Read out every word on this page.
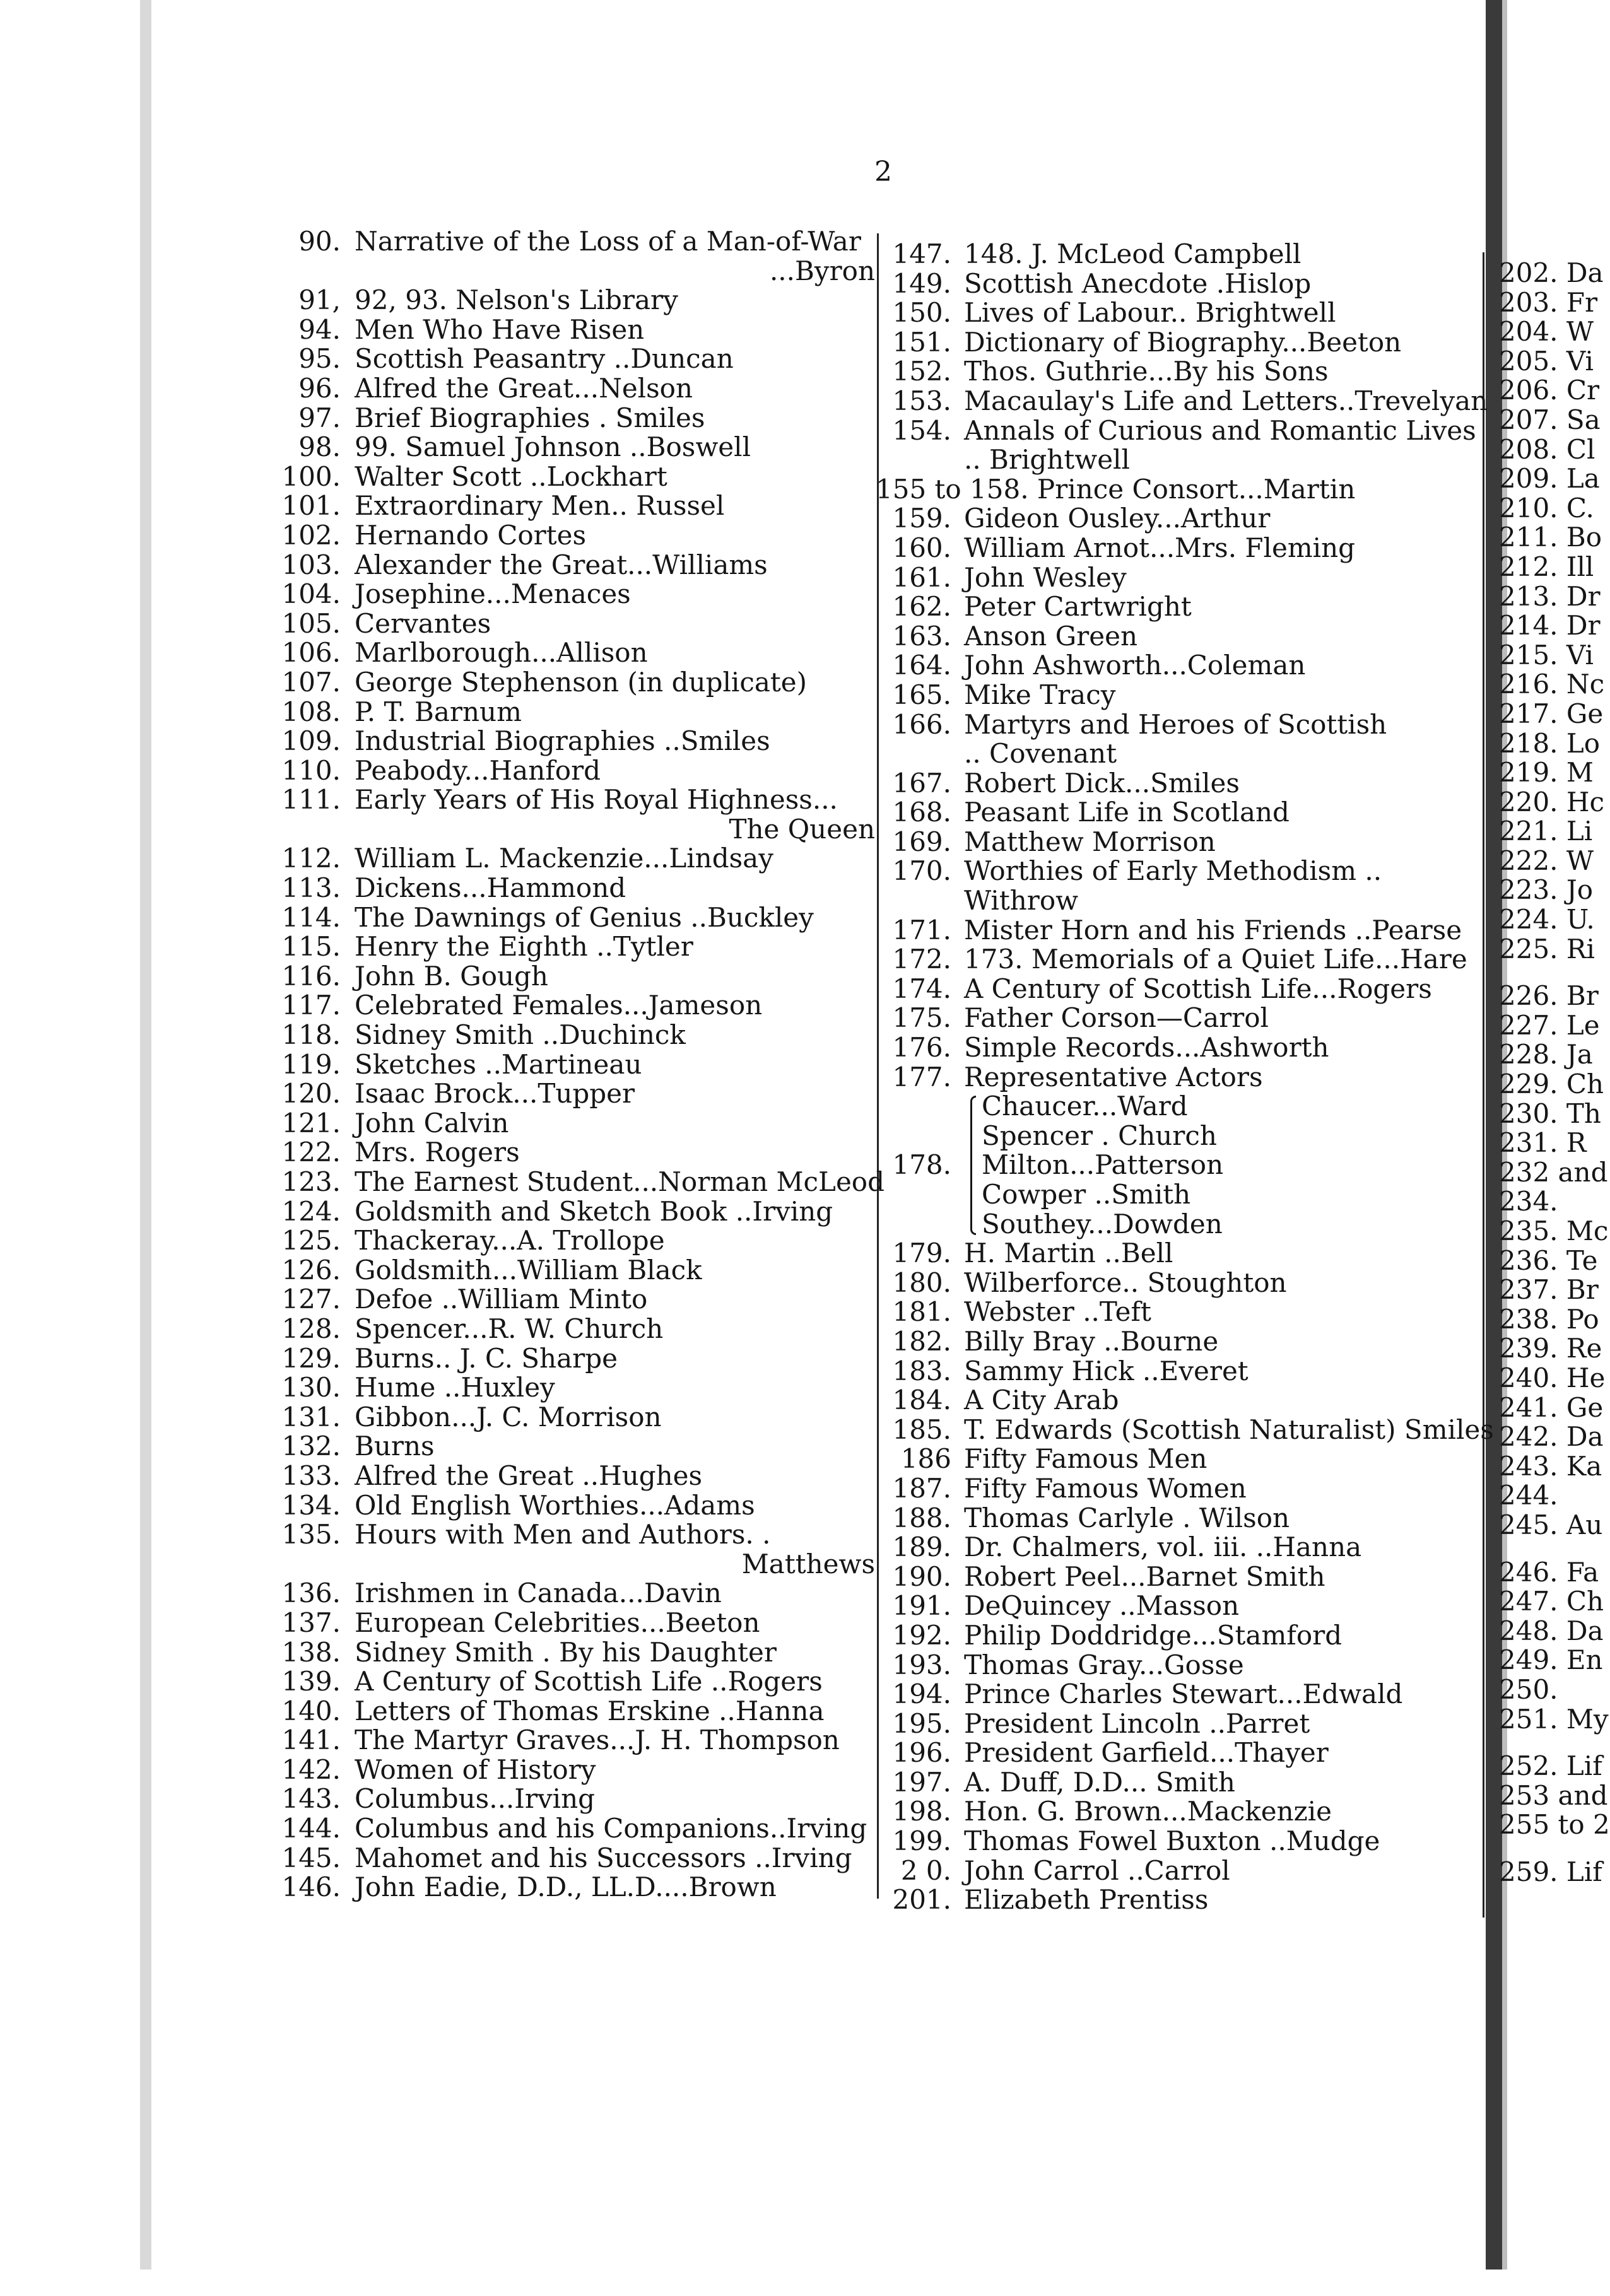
2
90. Narrative of the Loss of a Man-of-War
...Byron
91, 92, 93. Nelson's Library
94. Men Who Have Risen
95. Scottish Peasantry ..Duncan
96. Alfred the Great...Nelson
97. Brief Biographies . Smiles
98. 99. Samuel Johnson ..Boswell
100. Walter Scott ..Lockhart
101. Extraordinary Men.. Russel
102. Hernando Cortes
103. Alexander the Great...Williams
104. Josephine...Menaces
105. Cervantes
106. Marlborough...Allison
107. George Stephenson (in duplicate)
108. P. T. Barnum
109. Industrial Biographies ..Smiles
110. Peabody...Hanford
111. Early Years of His Royal Highness...
The Queen
112. William L. Mackenzie...Lindsay
113. Dickens...Hammond
114. The Dawnings of Genius ..Buckley
115. Henry the Eighth ..Tytler
116. John B. Gough
117. Celebrated Females...Jameson
118. Sidney Smith ..Duchinck
119. Sketches ..Martineau
120. Isaac Brock...Tupper
121. John Calvin
122. Mrs. Rogers
123. The Earnest Student...Norman McLeod
124. Goldsmith and Sketch Book ..Irving
125. Thackeray...A. Trollope
126. Goldsmith...William Black
127. Defoe ..William Minto
128. Spencer...R. W. Church
129. Burns.. J. C. Sharpe
130. Hume ..Huxley
131. Gibbon...J. C. Morrison
132. Burns
133. Alfred the Great ..Hughes
134. Old English Worthies...Adams
135. Hours with Men and Authors. .
Matthews
136. Irishmen in Canada...Davin
137. European Celebrities...Beeton
138. Sidney Smith . By his Daughter
139. A Century of Scottish Life ..Rogers
140. Letters of Thomas Erskine ..Hanna
141. The Martyr Graves...J. H. Thompson
142. Women of History
143. Columbus...Irving
144. Columbus and his Companions..Irving
145. Mahomet and his Successors ..Irving
146. John Eadie, D.D., LL.D....Brown
147. 148. J. McLeod Campbell
149. Scottish Anecdote .Hislop
150. Lives of Labour.. Brightwell
151. Dictionary of Biography...Beeton
152. Thos. Guthrie...By his Sons
153. Macaulay's Life and Letters..Trevelyan
154. Annals of Curious and Romantic Lives
.. Brightwell
155 to 158. Prince Consort...Martin
159. Gideon Ousley...Arthur
160. William Arnot...Mrs. Fleming
161. John Wesley
162. Peter Cartwright
163. Anson Green
164. John Ashworth...Coleman
165. Mike Tracy
166. Martyrs and Heroes of Scottish
.. Covenant
167. Robert Dick...Smiles
168. Peasant Life in Scotland
169. Matthew Morrison
170. Worthies of Early Methodism ..
Withrow
171. Mister Horn and his Friends ..Pearse
172. 173. Memorials of a Quiet Life...Hare
174. A Century of Scottish Life...Rogers
175. Father Corson—Carrol
176. Simple Records...Ashworth
177. Representative Actors
178.
Chaucer...Ward
Spencer . Church
Milton...Patterson
Cowper ..Smith
Southey...Dowden
179. H. Martin ..Bell
180. Wilberforce.. Stoughton
181. Webster ..Teft
182. Billy Bray ..Bourne
183. Sammy Hick ..Everet
184. A City Arab
185. T. Edwards (Scottish Naturalist) Smiles
186 Fifty Famous Men
187. Fifty Famous Women
188. Thomas Carlyle . Wilson
189. Dr. Chalmers, vol. iii. ..Hanna
190. Robert Peel...Barnet Smith
191. DeQuincey ..Masson
192. Philip Doddridge...Stamford
193. Thomas Gray...Gosse
194. Prince Charles Stewart...Edwald
195. President Lincoln ..Parret
196. President Garfield...Thayer
197. A. Duff, D.D... Smith
198. Hon. G. Brown...Mackenzie
199. Thomas Fowel Buxton ..Mudge
2 0. John Carrol ..Carrol
201. Elizabeth Prentiss
202. Da
203. Fr
204. W
205. Vi
206. Cr
207. Sa
208. Cl
209. La
210. C.
211. Bo
212. Ill
213. Dr
214. Dr
215. Vi
216. Nc
217. Ge
218. Lo
219. M
220. Hc
221. Li
222. W
223. Jo
224. U.
225. Ri
226. Br
227. Le
228. Ja
229. Ch
230. Th
231. R
232 and
234.
235. Mc
236. Te
237. Br
238. Po
239. Re
240. He
241. Ge
242. Da
243. Ka
244.
245. Au
246. Fa
247. Ch
248. Da
249. En
250.
251. My
252. Lif
253 and
255 to 2
259. Lif
